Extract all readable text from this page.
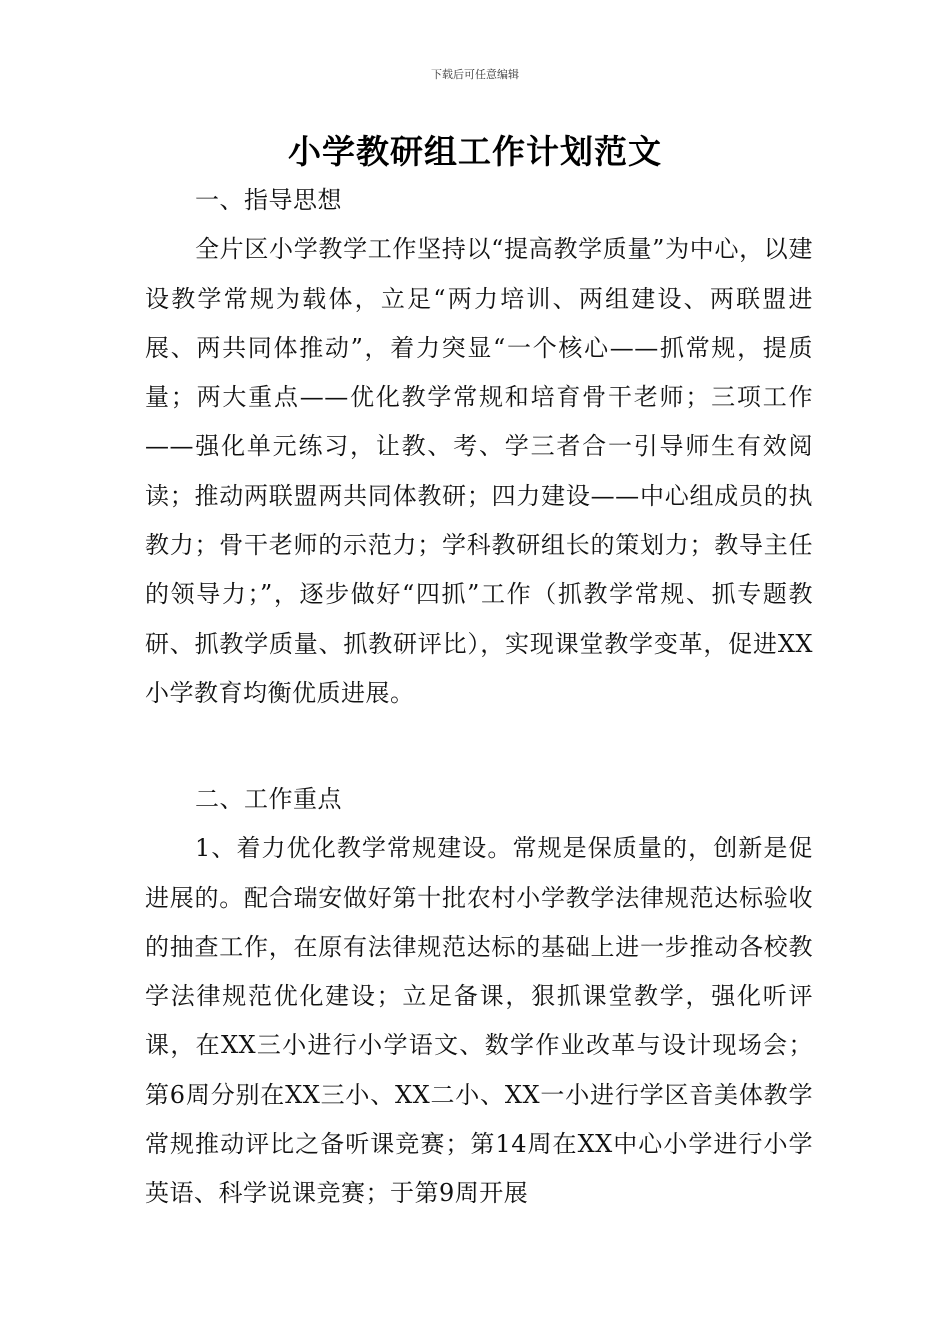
下载后可任意编辑
小学教研组工作计划范文

一、指导思想

全片区小学教学工作坚持以“提高教学质量”为中心，以建设教学常规为载体，立足“两力培训、两组建设、两联盟进展、两共同体推动”，着力突显“一个核心——抓常规，提质量；两大重点——优化教学常规和培育骨干老师；三项工作——强化单元练习，让教、考、学三者合一引导师生有效阅读；推动两联盟两共同体教研；四力建设——中心组成员的执教力；骨干老师的示范力；学科教研组长的策划力；教导主任的领导力；”，逐步做好“四抓”工作（抓教学常规、抓专题教研、抓教学质量、抓教研评比），实现课堂教学变革，促进XX小学教育均衡优质进展。

二、工作重点

1、着力优化教学常规建设。常规是保质量的，创新是促进展的。配合瑞安做好第十批农村小学教学法律规范达标验收的抽查工作，在原有法律规范达标的基础上进一步推动各校教学法律规范优化建设；立足备课，狠抓课堂教学，强化听评课，在XX三小进行小学语文、数学作业改革与设计现场会；第6周分别在XX三小、XX二小、XX一小进行学区音美体教学常规推动评比之备听课竞赛；第14周在XX中心小学进行小学英语、科学说课竞赛；于第9周开展
